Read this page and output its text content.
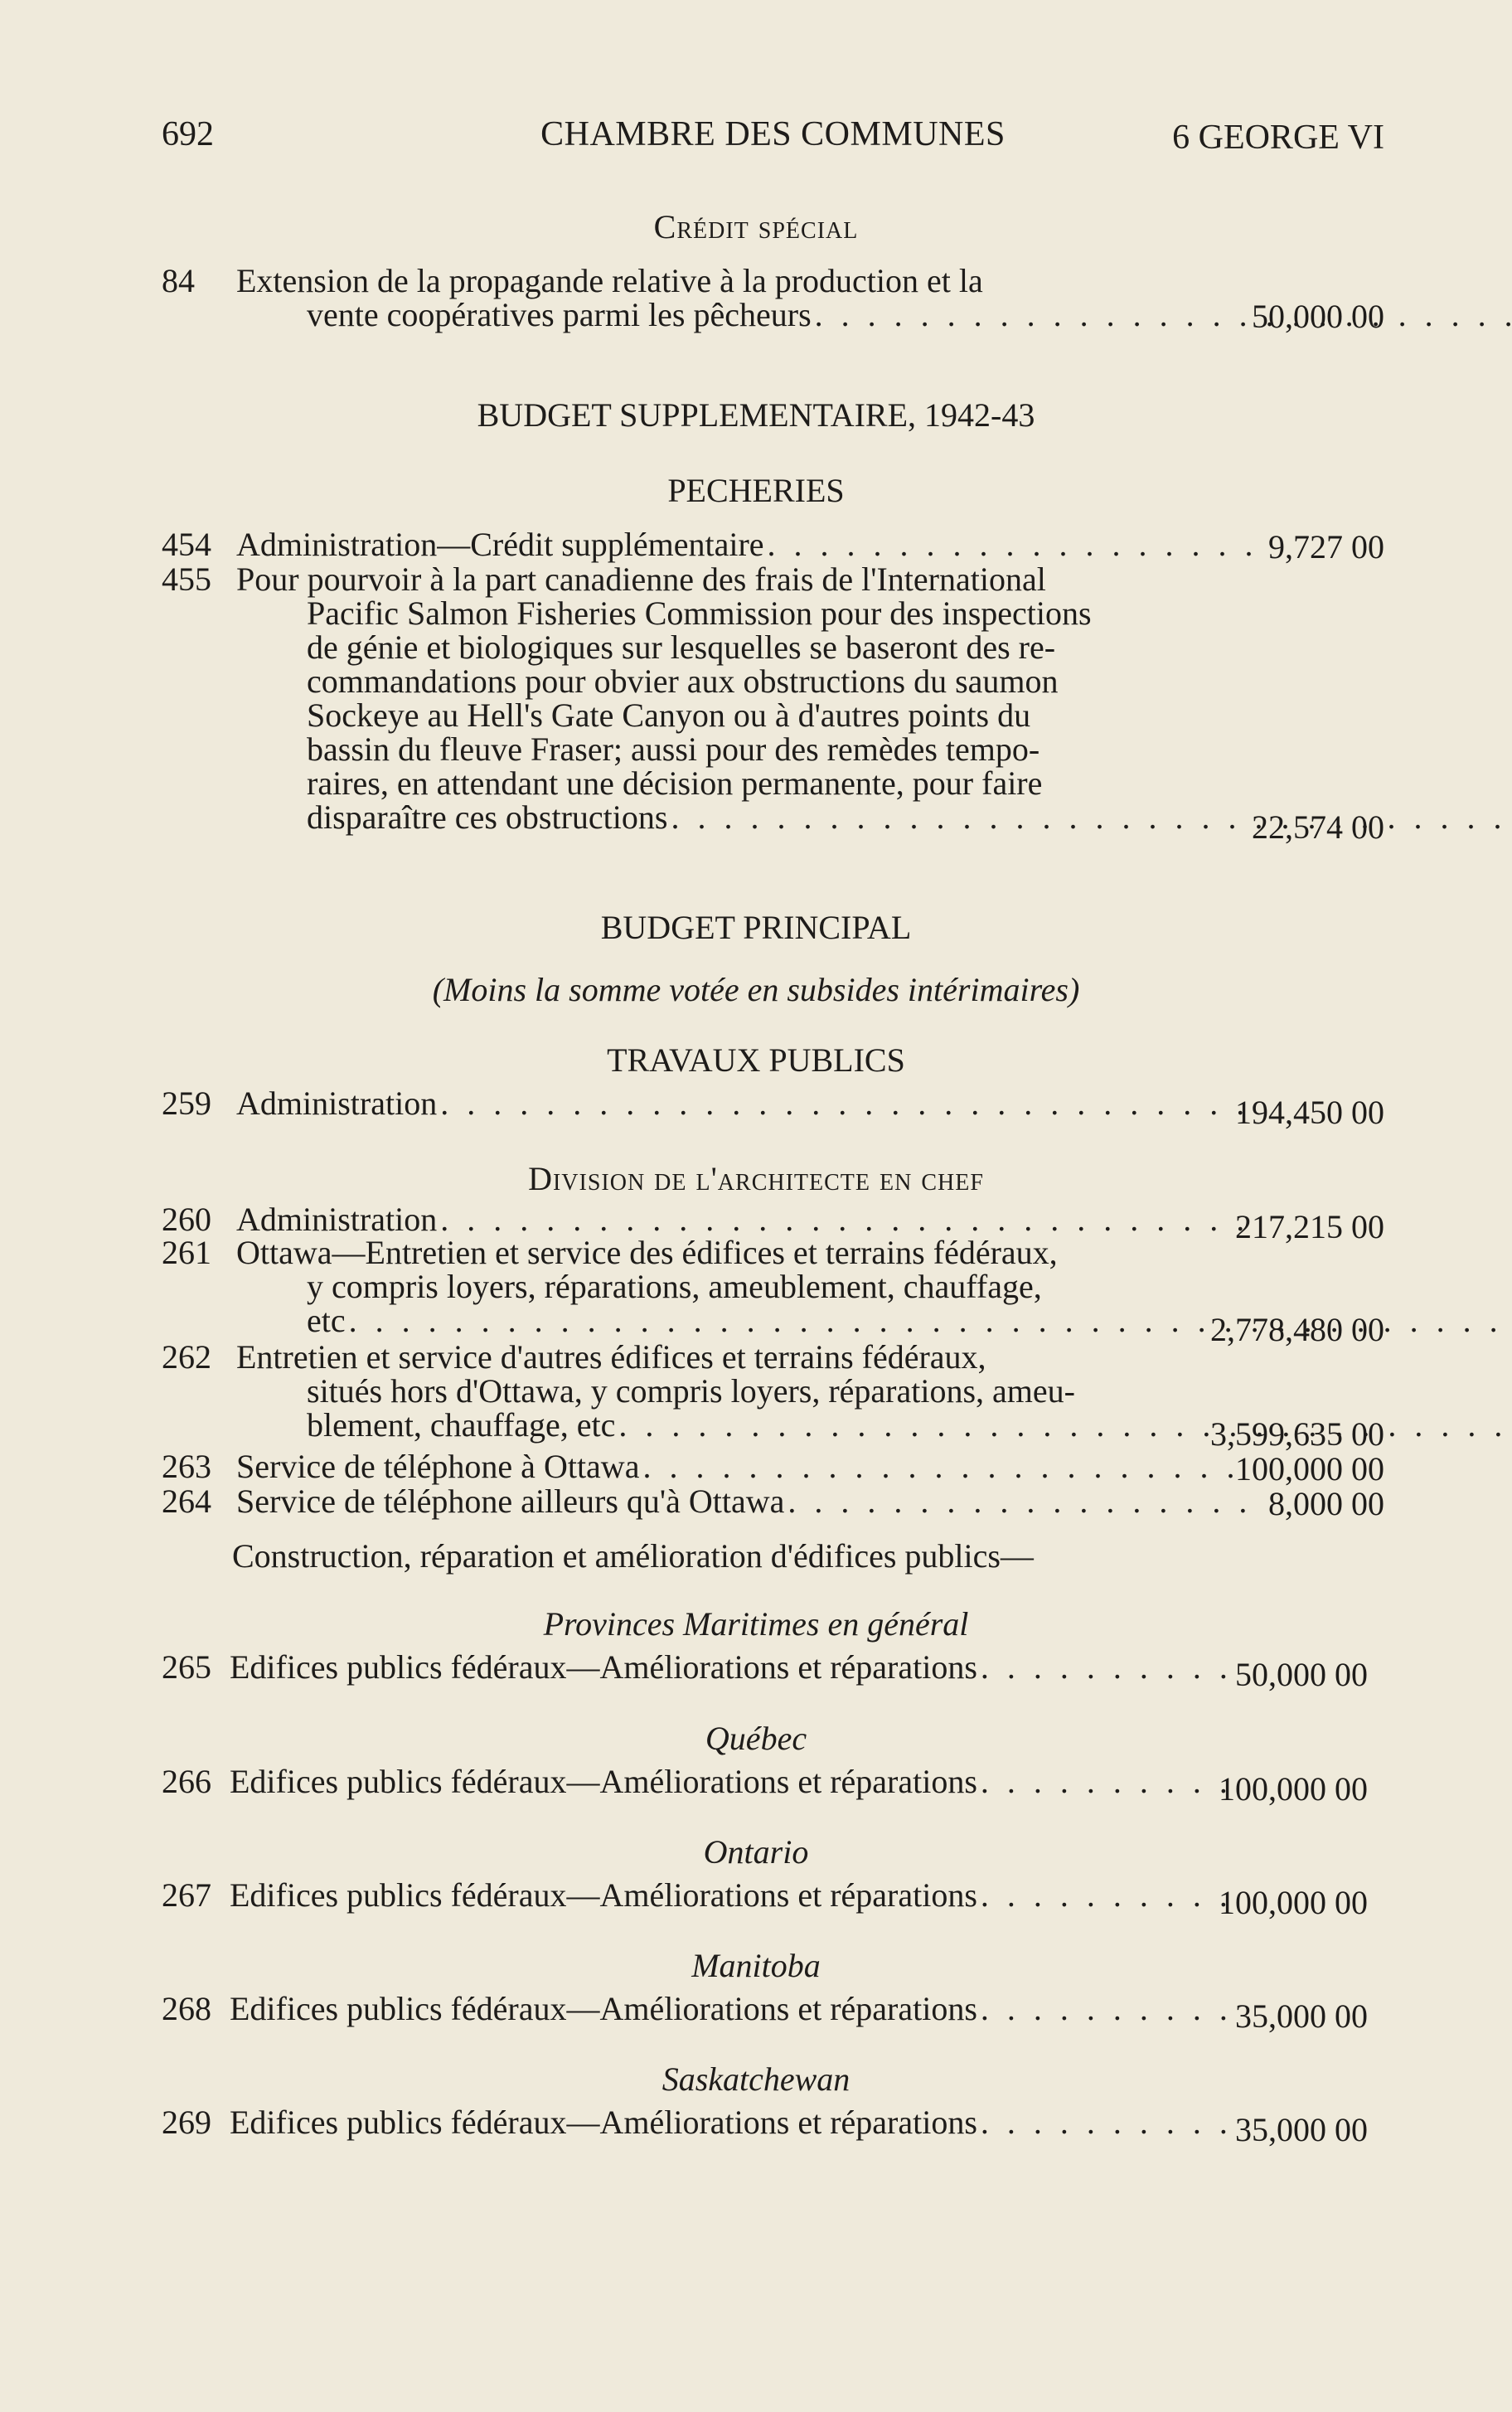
692	CHAMBRE DES COMMUNES	6 GEORGE VI
Crédit spécial
84 Extension de la propagande relative à la production et la
vente coopératives parmi les pêcheurs . . .	50,000 00
BUDGET SUPPLEMENTAIRE, 1942-43
PECHERIES
454 Administration—Crédit supplémentaire . . .	9,727 00
455 Pour pourvoir à la part canadienne des frais de l'International
Pacific Salmon Fisheries Commission pour des inspections
de génie et biologiques sur lesquelles se baseront des re-
commandations pour obvier aux obstructions du saumon
Sockeye au Hell's Gate Canyon ou à d'autres points du
bassin du fleuve Fraser; aussi pour des remèdes tempo-
raires, en attendant une décision permanente, pour faire
disparaître ces obstructions . . .	22,574 00
BUDGET PRINCIPAL
(Moins la somme votée en subsides intérimaires)
TRAVAUX PUBLICS
259 Administration . . .	194,450 00
Division de l'architecte en chef
260 Administration . . .	217,215 00
261 Ottawa—Entretien et service des édifices et terrains fédéraux,
y compris loyers, réparations, ameublement, chauffage,
etc . . .	2,778,480 00
262 Entretien et service d'autres édifices et terrains fédéraux,
situés hors d'Ottawa, y compris loyers, réparations, ameu-
blement, chauffage, etc . . .	3,599,635 00
263 Service de téléphone à Ottawa . . .	100,000 00
264 Service de téléphone ailleurs qu'à Ottawa . . .	8,000 00
Construction, réparation et amélioration d'édifices publics—
Provinces Maritimes en général
265 Edifices publics fédéraux—Améliorations et réparations . . .	50,000 00
Québec
266 Edifices publics fédéraux—Améliorations et réparations . . .	100,000 00
Ontario
267 Edifices publics fédéraux—Améliorations et réparations . . .	100,000 00
Manitoba
268 Edifices publics fédéraux—Améliorations et réparations . . .	35,000 00
Saskatchewan
269 Edifices publics fédéraux—Améliorations et réparations . . .	35,000 00
